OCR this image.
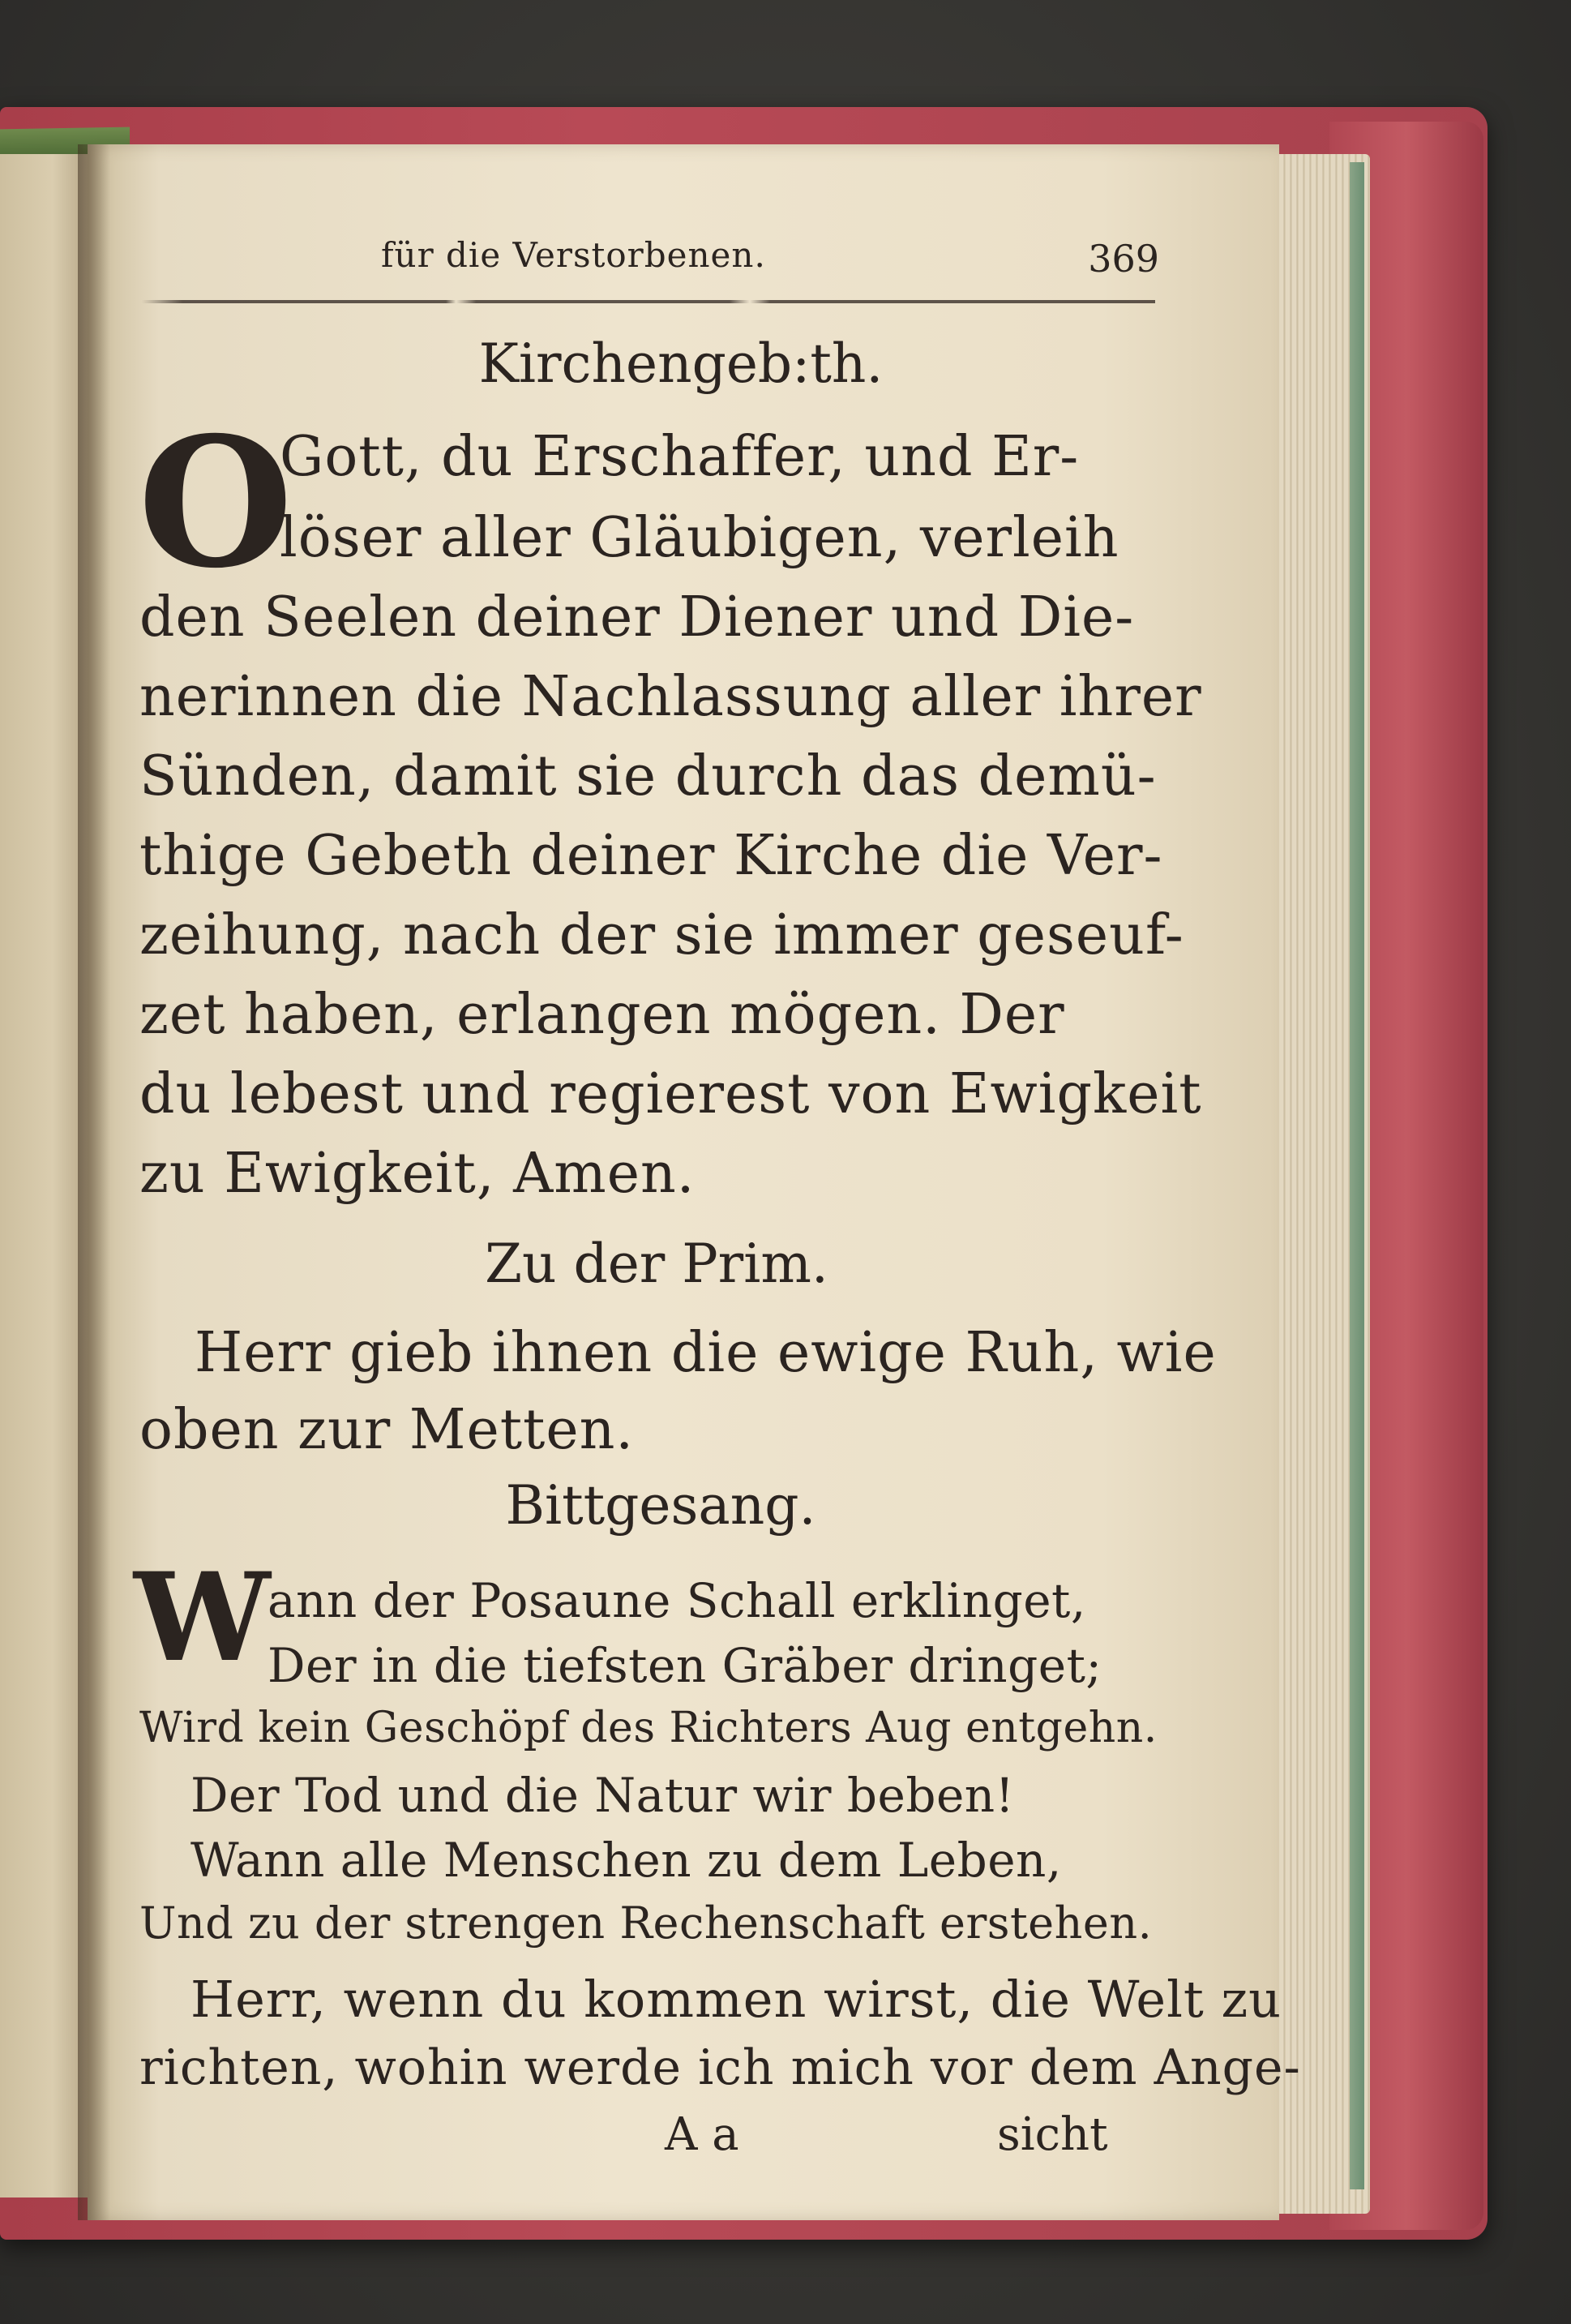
für die Verstorbenen.	369
Kirchengeb:th.
O
Gott, du Erschaffer, und Er-
löser aller Gläubigen, verleih
den Seelen deiner Diener und Die-
nerinnen die Nachlassung aller ihrer
Sünden, damit sie durch das demü-
thige Gebeth deiner Kirche die Ver-
zeihung, nach der sie immer geseuf-
zet haben, erlangen mögen. Der
du lebest und regierest von Ewigkeit
zu Ewigkeit, Amen.
Zu der Prim.
Herr gieb ihnen die ewige Ruh, wie
oben zur Metten.
Bittgesang.
W
ann der Posaune Schall erklinget,
Der in die tiefsten Gräber dringet;
Wird kein Geschöpf des Richters Aug entgehn.
Der Tod und die Natur wir beben!
Wann alle Menschen zu dem Leben,
Und zu der strengen Rechenschaft erstehen.
Herr, wenn du kommen wirst, die Welt zu
richten, wohin werde ich mich vor dem Ange-
A a	sicht
